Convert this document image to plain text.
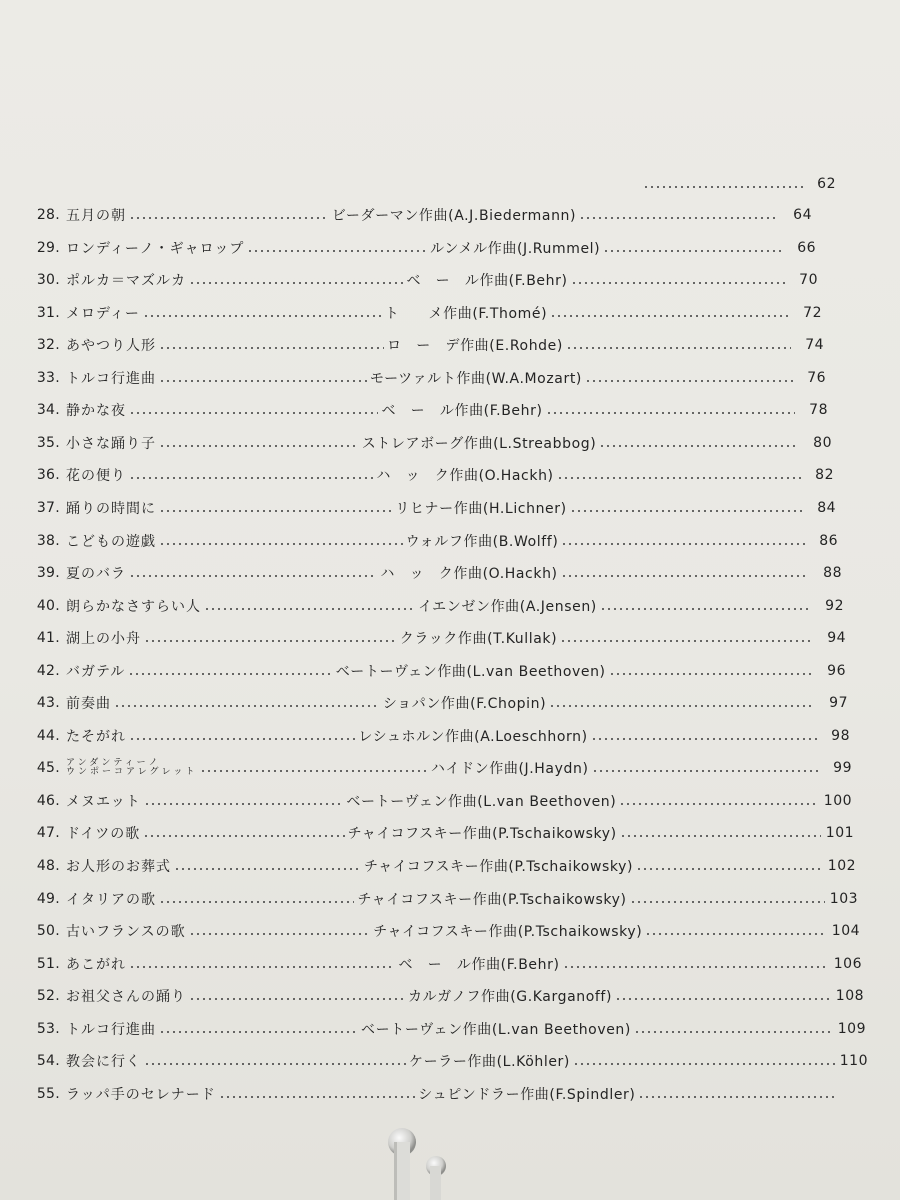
62
28. 五月の朝	ビーダーマン作曲(A.J.Biedermann)	64
29. ロンディーノ・ギャロップ	ルンメル作曲(J.Rummel)	66
30. ポルカ＝マズルカ	ベ　ー　ル作曲(F.Behr)	70
31. メロディー	ト　　メ作曲(F.Thomé)	72
32. あやつり人形	ロ　ー　デ作曲(E.Rohde)	74
33. トルコ行進曲	モーツァルト作曲(W.A.Mozart)	76
34. 静かな夜	ベ　ー　ル作曲(F.Behr)	78
35. 小さな踊り子	ストレアボーグ作曲(L.Streabbog)	80
36. 花の便り	ハ　ッ　ク作曲(O.Hackh)	82
37. 踊りの時間に	リヒナー作曲(H.Lichner)	84
38. こどもの遊戯	ウォルフ作曲(B.Wolff)	86
39. 夏のバラ	ハ　ッ　ク作曲(O.Hackh)	88
40. 朗らかなさすらい人	イエンゼン作曲(A.Jensen)	92
41. 湖上の小舟	クラック作曲(T.Kullak)	94
42. バガテル	ベートーヴェン作曲(L.van Beethoven)	96
43. 前奏曲	ショパン作曲(F.Chopin)	97
44. たそがれ	レシュホルン作曲(A.Loeschhorn)	98
45. アンダンティーノ
ウンポーコアレグレット	ハイドン作曲(J.Haydn)	99
46. メヌエット	ベートーヴェン作曲(L.van Beethoven)	100
47. ドイツの歌	チャイコフスキー作曲(P.Tschaikowsky)	101
48. お人形のお葬式	チャイコフスキー作曲(P.Tschaikowsky)	102
49. イタリアの歌	チャイコフスキー作曲(P.Tschaikowsky)	103
50. 古いフランスの歌	チャイコフスキー作曲(P.Tschaikowsky)	104
51. あこがれ	ベ　ー　ル作曲(F.Behr)	106
52. お祖父さんの踊り	カルガノフ作曲(G.Karganoff)	108
53. トルコ行進曲	ベートーヴェン作曲(L.van Beethoven)	109
54. 教会に行く	ケーラー作曲(L.Köhler)	110
55. ラッパ手のセレナード	シュピンドラー作曲(F.Spindler)
